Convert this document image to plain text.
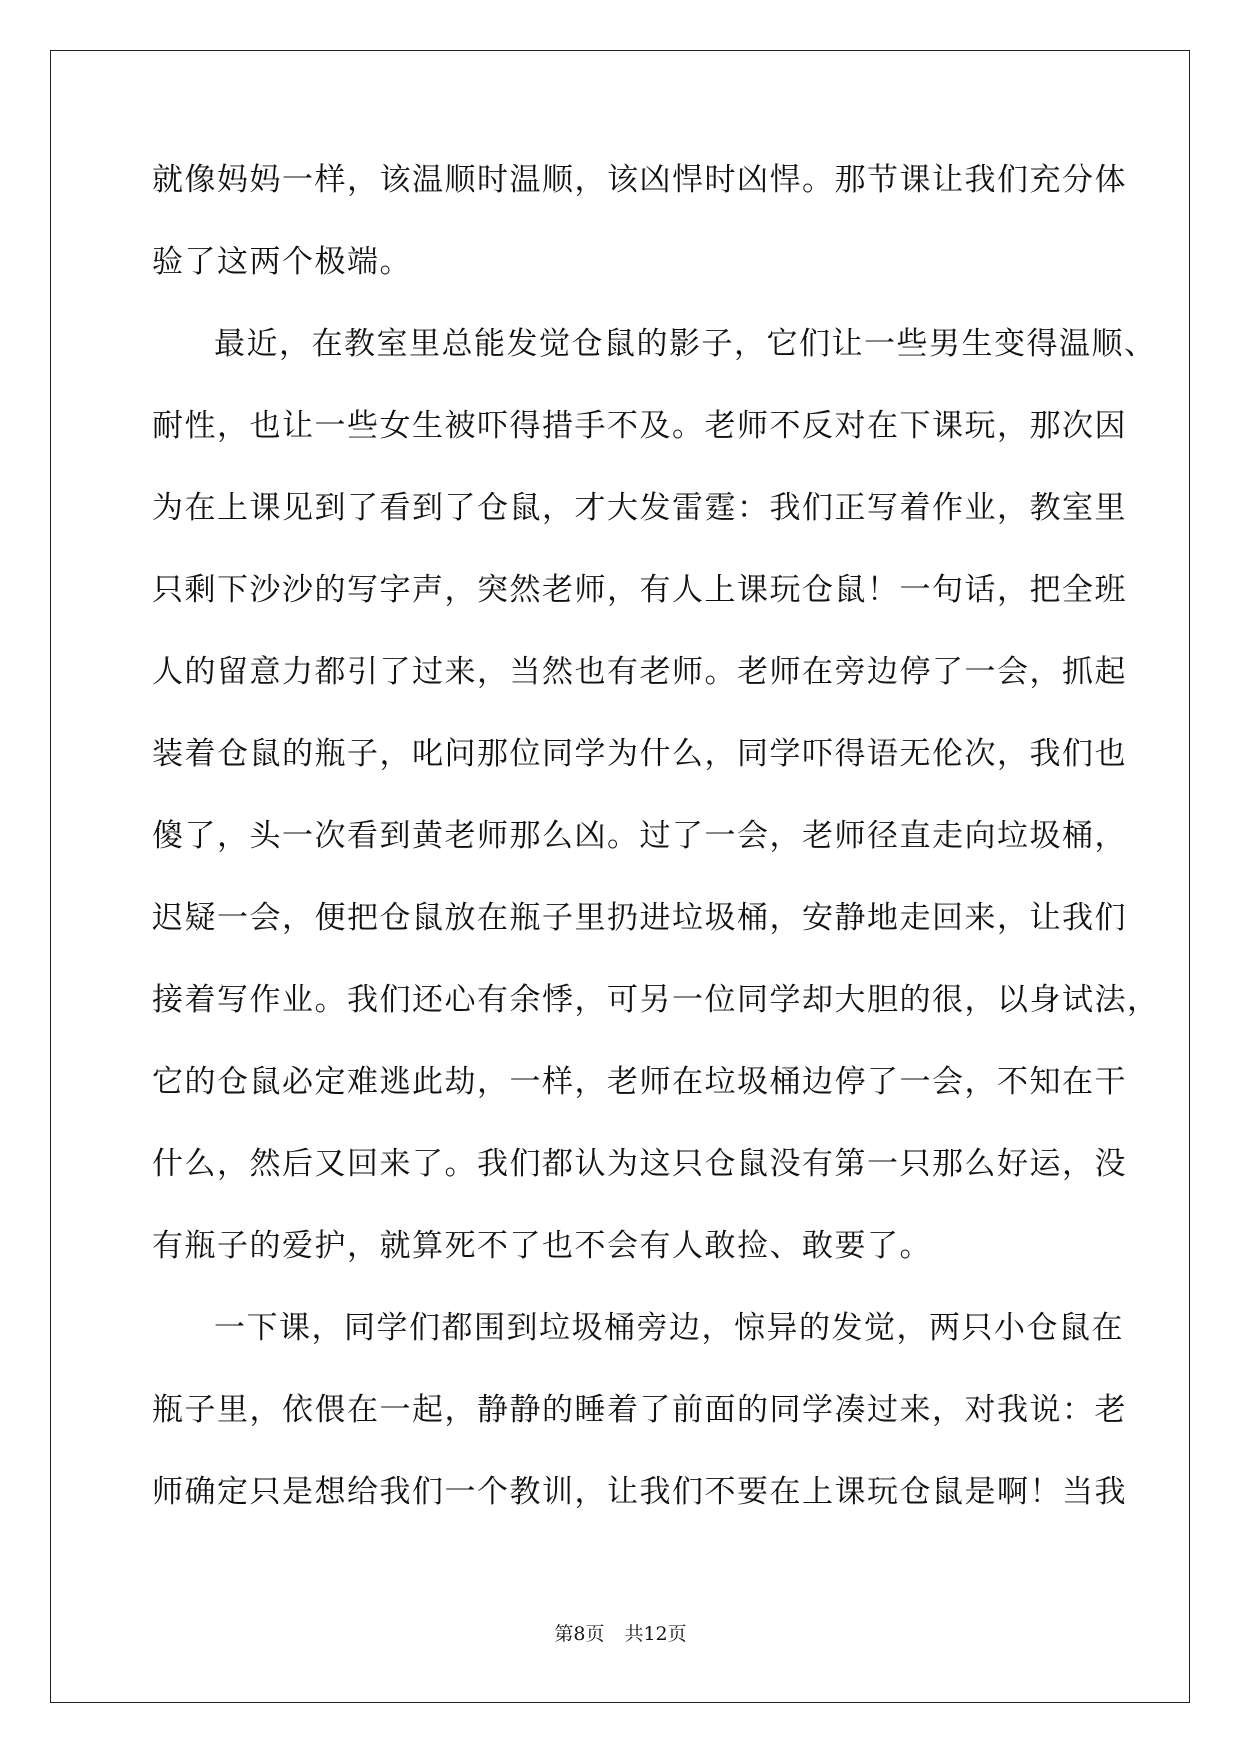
就像妈妈一样，该温顺时温顺，该凶悍时凶悍。那节课让我们充分体
验了这两个极端。
最近，在教室里总能发觉仓鼠的影子，它们让一些男生变得温顺、
耐性，也让一些女生被吓得措手不及。老师不反对在下课玩，那次因
为在上课见到了看到了仓鼠，才大发雷霆：我们正写着作业，教室里
只剩下沙沙的写字声，突然老师，有人上课玩仓鼠！一句话，把全班
人的留意力都引了过来，当然也有老师。老师在旁边停了一会，抓起
装着仓鼠的瓶子，叱问那位同学为什么，同学吓得语无伦次，我们也
傻了，头一次看到黄老师那么凶。过了一会，老师径直走向垃圾桶，
迟疑一会，便把仓鼠放在瓶子里扔进垃圾桶，安静地走回来，让我们
接着写作业。我们还心有余悸，可另一位同学却大胆的很，以身试法，
它的仓鼠必定难逃此劫，一样，老师在垃圾桶边停了一会，不知在干
什么，然后又回来了。我们都认为这只仓鼠没有第一只那么好运，没
有瓶子的爱护，就算死不了也不会有人敢捡、敢要了。
一下课，同学们都围到垃圾桶旁边，惊异的发觉，两只小仓鼠在
瓶子里，依偎在一起，静静的睡着了前面的同学凑过来，对我说：老
师确定只是想给我们一个教训，让我们不要在上课玩仓鼠是啊！当我
第8页 共12页
